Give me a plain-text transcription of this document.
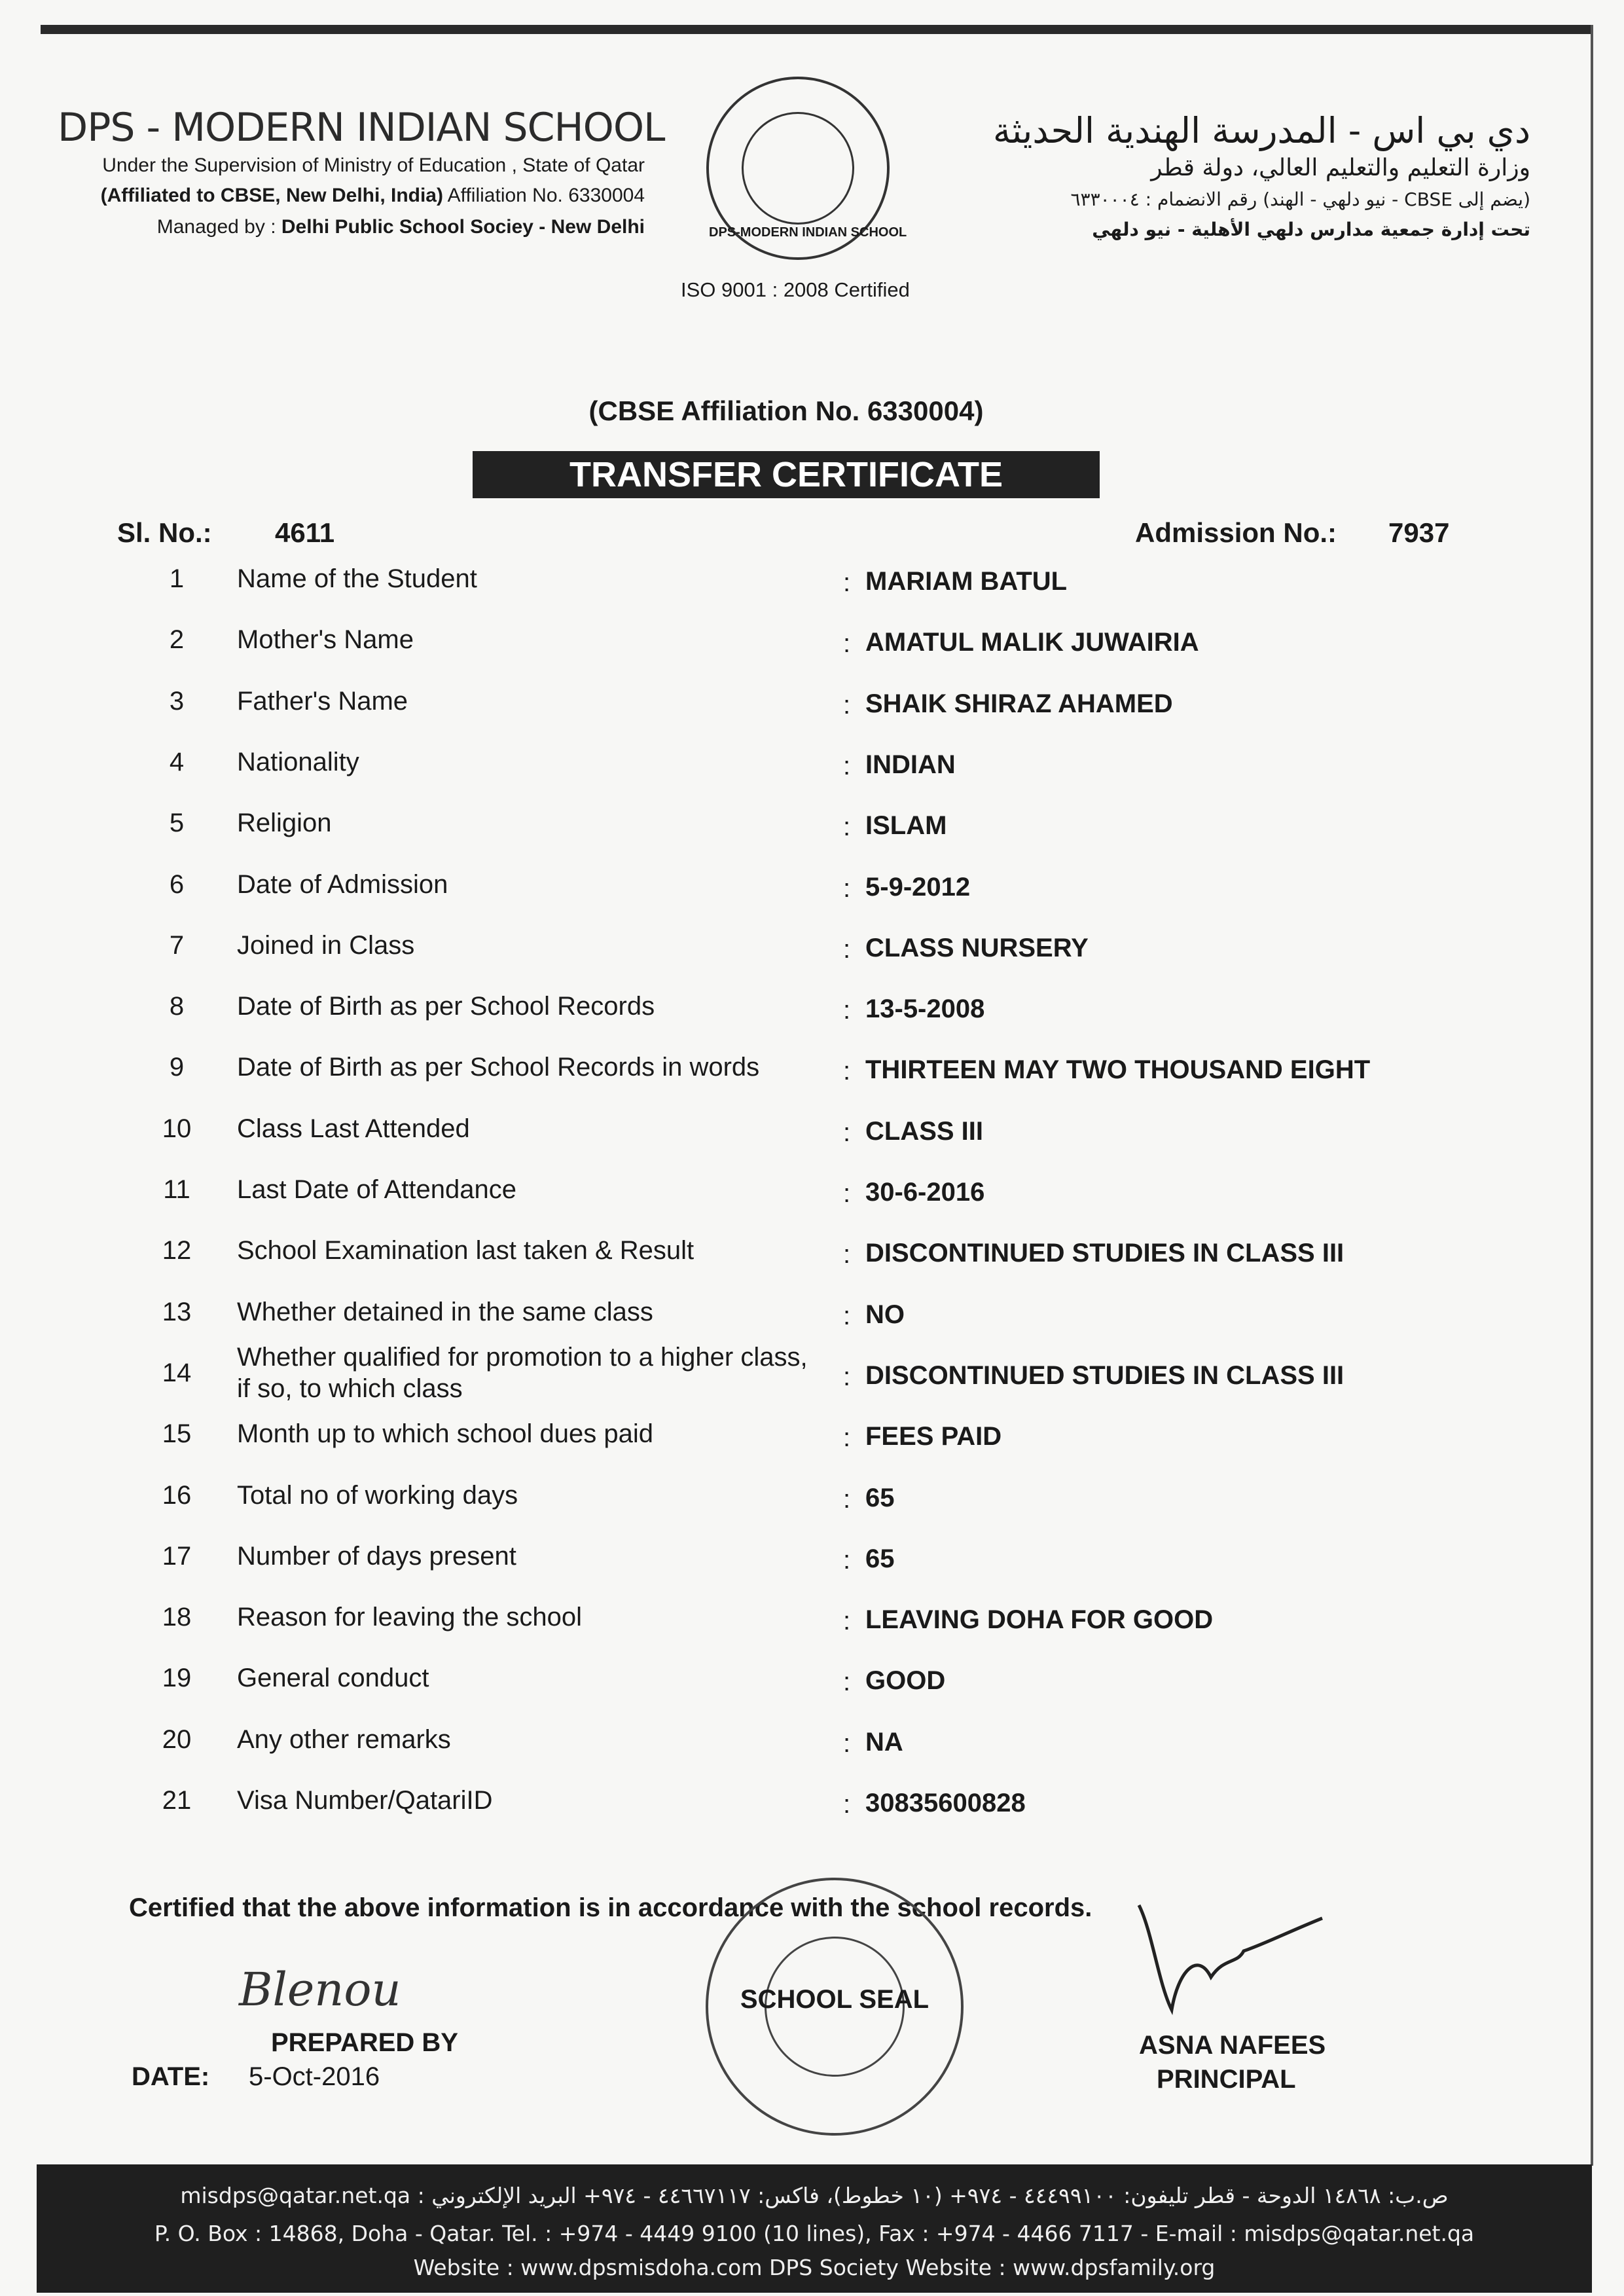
DPS - MODERN INDIAN SCHOOL
Under the Supervision of Ministry of Education , State of Qatar
(Affiliated to CBSE, New Delhi, India) Affiliation No. 6330004
Managed by : Delhi Public School Sociey - New Delhi	DPS-MODERN INDIAN SCHOOL
ISO 9001 : 2008 Certified
دي بي اس - المدرسة الهندية الحديثة
وزارة التعليم والتعليم العالي، دولة قطر
(يضم إلى CBSE - نيو دلهي - الهند) رقم الانضمام : ٦٣٣٠٠٠٤
تحت إدارة جمعية مدارس دلهي الأهلية - نيو دلهي
(CBSE Affiliation No. 6330004)
TRANSFER CERTIFICATE
Sl. No.: 4611	Admission No.: 7937
1	Name of the Student	: MARIAM BATUL
2	Mother's Name	: AMATUL MALIK JUWAIRIA
3	Father's Name	: SHAIK SHIRAZ AHAMED
4	Nationality	: INDIAN
5	Religion	: ISLAM
6	Date of Admission	: 5-9-2012
7	Joined in Class	: CLASS NURSERY
8	Date of Birth as per School Records	: 13-5-2008
9	Date of Birth as per School Records in words	: THIRTEEN MAY TWO THOUSAND EIGHT
10	Class Last Attended	: CLASS III
11	Last Date of Attendance	: 30-6-2016
12	School Examination last taken & Result	: DISCONTINUED STUDIES IN CLASS III
13	Whether detained in the same class	: NO
14
Whether qualified for promotion to a higher class,
if so, to which class	: DISCONTINUED STUDIES IN CLASS III
15	Month up to which school dues paid	: FEES PAID
16	Total no of working days	: 65
17	Number of days present	: 65
18	Reason for leaving the school	: LEAVING DOHA FOR GOOD
19	General conduct	: GOOD
20	Any other remarks	: NA
21	Visa Number/QatariID	: 30835600828
Certified that the above information is in accordance with the school records.
Blenou
PREPARED BY
DATE: 5-Oct-2016
SCHOOL SEAL
ASNA NAFEES
PRINCIPAL
ص.ب: ١٤٨٦٨ الدوحة - قطر تليفون: ٤٤٤٩٩١٠٠ - ٩٧٤+ (١٠ خطوط)، فاكس: ٤٤٦٦٧١١٧ - ٩٧٤+ البريد الإلكتروني : misdps@qatar.net.qa
P. O. Box : 14868, Doha - Qatar. Tel. : +974 - 4449 9100 (10 lines), Fax : +974 - 4466 7117 - E-mail : misdps@qatar.net.qa
Website : www.dpsmisdoha.com DPS Society Website : www.dpsfamily.org
